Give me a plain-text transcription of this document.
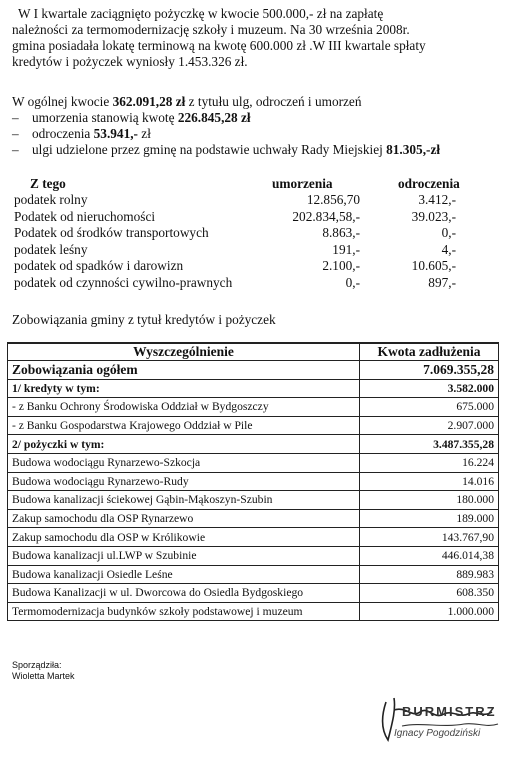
W I kwartale zaciągnięto pożyczkę w kwocie 500.000,- zł na zapłatę
należności za termomodernizację szkoły i muzeum. Na 30 września 2008r.
gmina posiadała lokatę terminową na kwotę 600.000 zł .W III kwartale spłaty
kredytów i pożyczek wyniosły 1.453.326 zł.
W ogólnej kwocie 362.091,28 zł z tytułu ulg, odroczeń i umorzeń
– umorzenia stanowią kwotę 226.845,28 zł
– odroczenia 53.941,- zł
– ulgi udzielone przez gminę na podstawie uchwały Rady Miejskiej 81.305,-zł
Z tego	umorzenia	odroczenia
podatek rolny	12.856,70	3.412,-
Podatek od nieruchomości	202.834,58,-	39.023,-
Podatek od środków transportowych	8.863,-	0,-
podatek leśny	191,-	4,-
podatek od spadków i darowizn	2.100,-	10.605,-
podatek od czynności cywilno-prawnych	0,-	897,-
Zobowiązania gminy z tytuł kredytów i pożyczek
Wyszczególnienie	Kwota zadłużenia
Zobowiązania ogółem	7.069.355,28
1/ kredyty w tym:	3.582.000
- z Banku Ochrony Środowiska Oddział w Bydgoszczy	675.000
- z Banku Gospodarstwa Krajowego Oddział w Pile	2.907.000
2/ pożyczki w tym:	3.487.355,28
Budowa wodociągu Rynarzewo-Szkocja	16.224
Budowa wodociągu Rynarzewo-Rudy	14.016
Budowa kanalizacji ściekowej Gąbin-Mąkoszyn-Szubin	180.000
Zakup samochodu dla OSP Rynarzewo	189.000
Zakup samochodu dla OSP w Królikowie	143.767,90
Budowa kanalizacji ul.LWP w Szubinie	446.014,38
Budowa kanalizacji Osiedle Leśne	889.983
Budowa Kanalizacji w ul. Dworcowa do Osiedla Bydgoskiego	608.350
Termomodernizacja budynków szkoły podstawowej i muzeum	1.000.000
Sporządziła:
Wioletta Martek
BURMISTRZ
Ignacy Pogodziński
